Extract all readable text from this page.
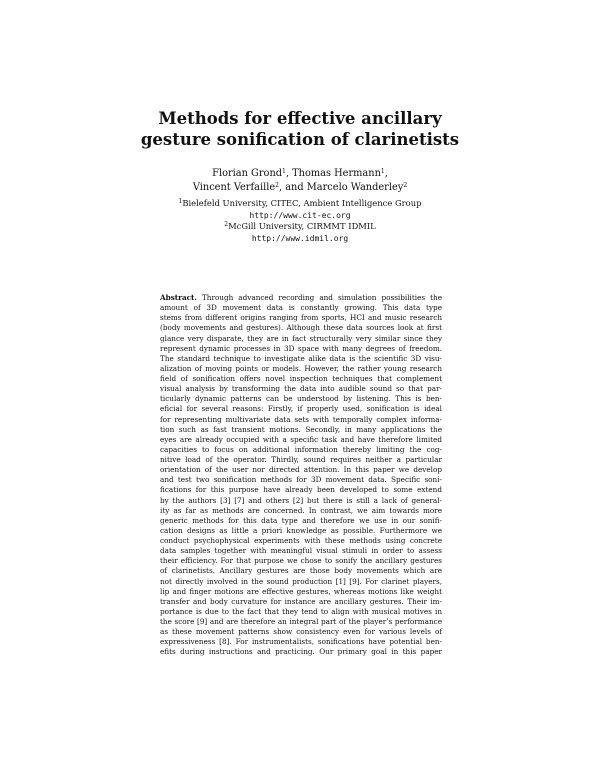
Methods for effective ancillary
gesture sonification of clarinetists
Florian Grond$^1$, Thomas Hermann$^1$,
Vincent Verfaille$^2$, and Marcelo Wanderley$^2$
$^1$Bielefeld University, CITEC, Ambient Intelligence Group
http://www.cit-ec.org
$^2$McGill University, CIRMMT IDMIL
http://www.idmil.org
Abstract. Through advanced recording and simulation possibilities the
amount of 3D movement data is constantly growing. This data type
stems from different origins ranging from sports, HCI and music research
(body movements and gestures). Although these data sources look at first
glance very disparate, they are in fact structurally very similar since they
represent dynamic processes in 3D space with many degrees of freedom.
The standard technique to investigate alike data is the scientific 3D visu-
alization of moving points or models. However, the rather young research
field of sonification offers novel inspection techniques that complement
visual analysis by transforming the data into audible sound so that par-
ticularly dynamic patterns can be understood by listening. This is ben-
eficial for several reasons: Firstly, if properly used, sonification is ideal
for representing multivariate data sets with temporally complex informa-
tion such as fast transient motions. Secondly, in many applications the
eyes are already occupied with a specific task and have therefore limited
capacities to focus on additional information thereby limiting the cog-
nitive load of the operator. Thirdly, sound requires neither a particular
orientation of the user nor directed attention. In this paper we develop
and test two sonification methods for 3D movement data. Specific soni-
fications for this purpose have already been developed to some extend
by the authors [3] [7] and others [2] but there is still a lack of general-
ity as far as methods are concerned. In contrast, we aim towards more
generic methods for this data type and therefore we use in our sonifi-
cation designs as little a priori knowledge as possible. Furthermore we
conduct psychophysical experiments with these methods using concrete
data samples together with meaningful visual stimuli in order to assess
their efficiency. For that purpose we chose to sonify the ancillary gestures
of clarinetists. Ancillary gestures are those body movements which are
not directly involved in the sound production [1] [9]. For clarinet players,
lip and finger motions are effective gestures, whereas motions like weight
transfer and body curvature for instance are ancillary gestures. Their im-
portance is due to the fact that they tend to align with musical motives in
the score [9] and are therefore an integral part of the player’s performance
as these movement patterns show consistency even for various levels of
expressiveness [8]. For instrumentalists, sonifications have potential ben-
efits during instructions and practicing. Our primary goal in this paper
